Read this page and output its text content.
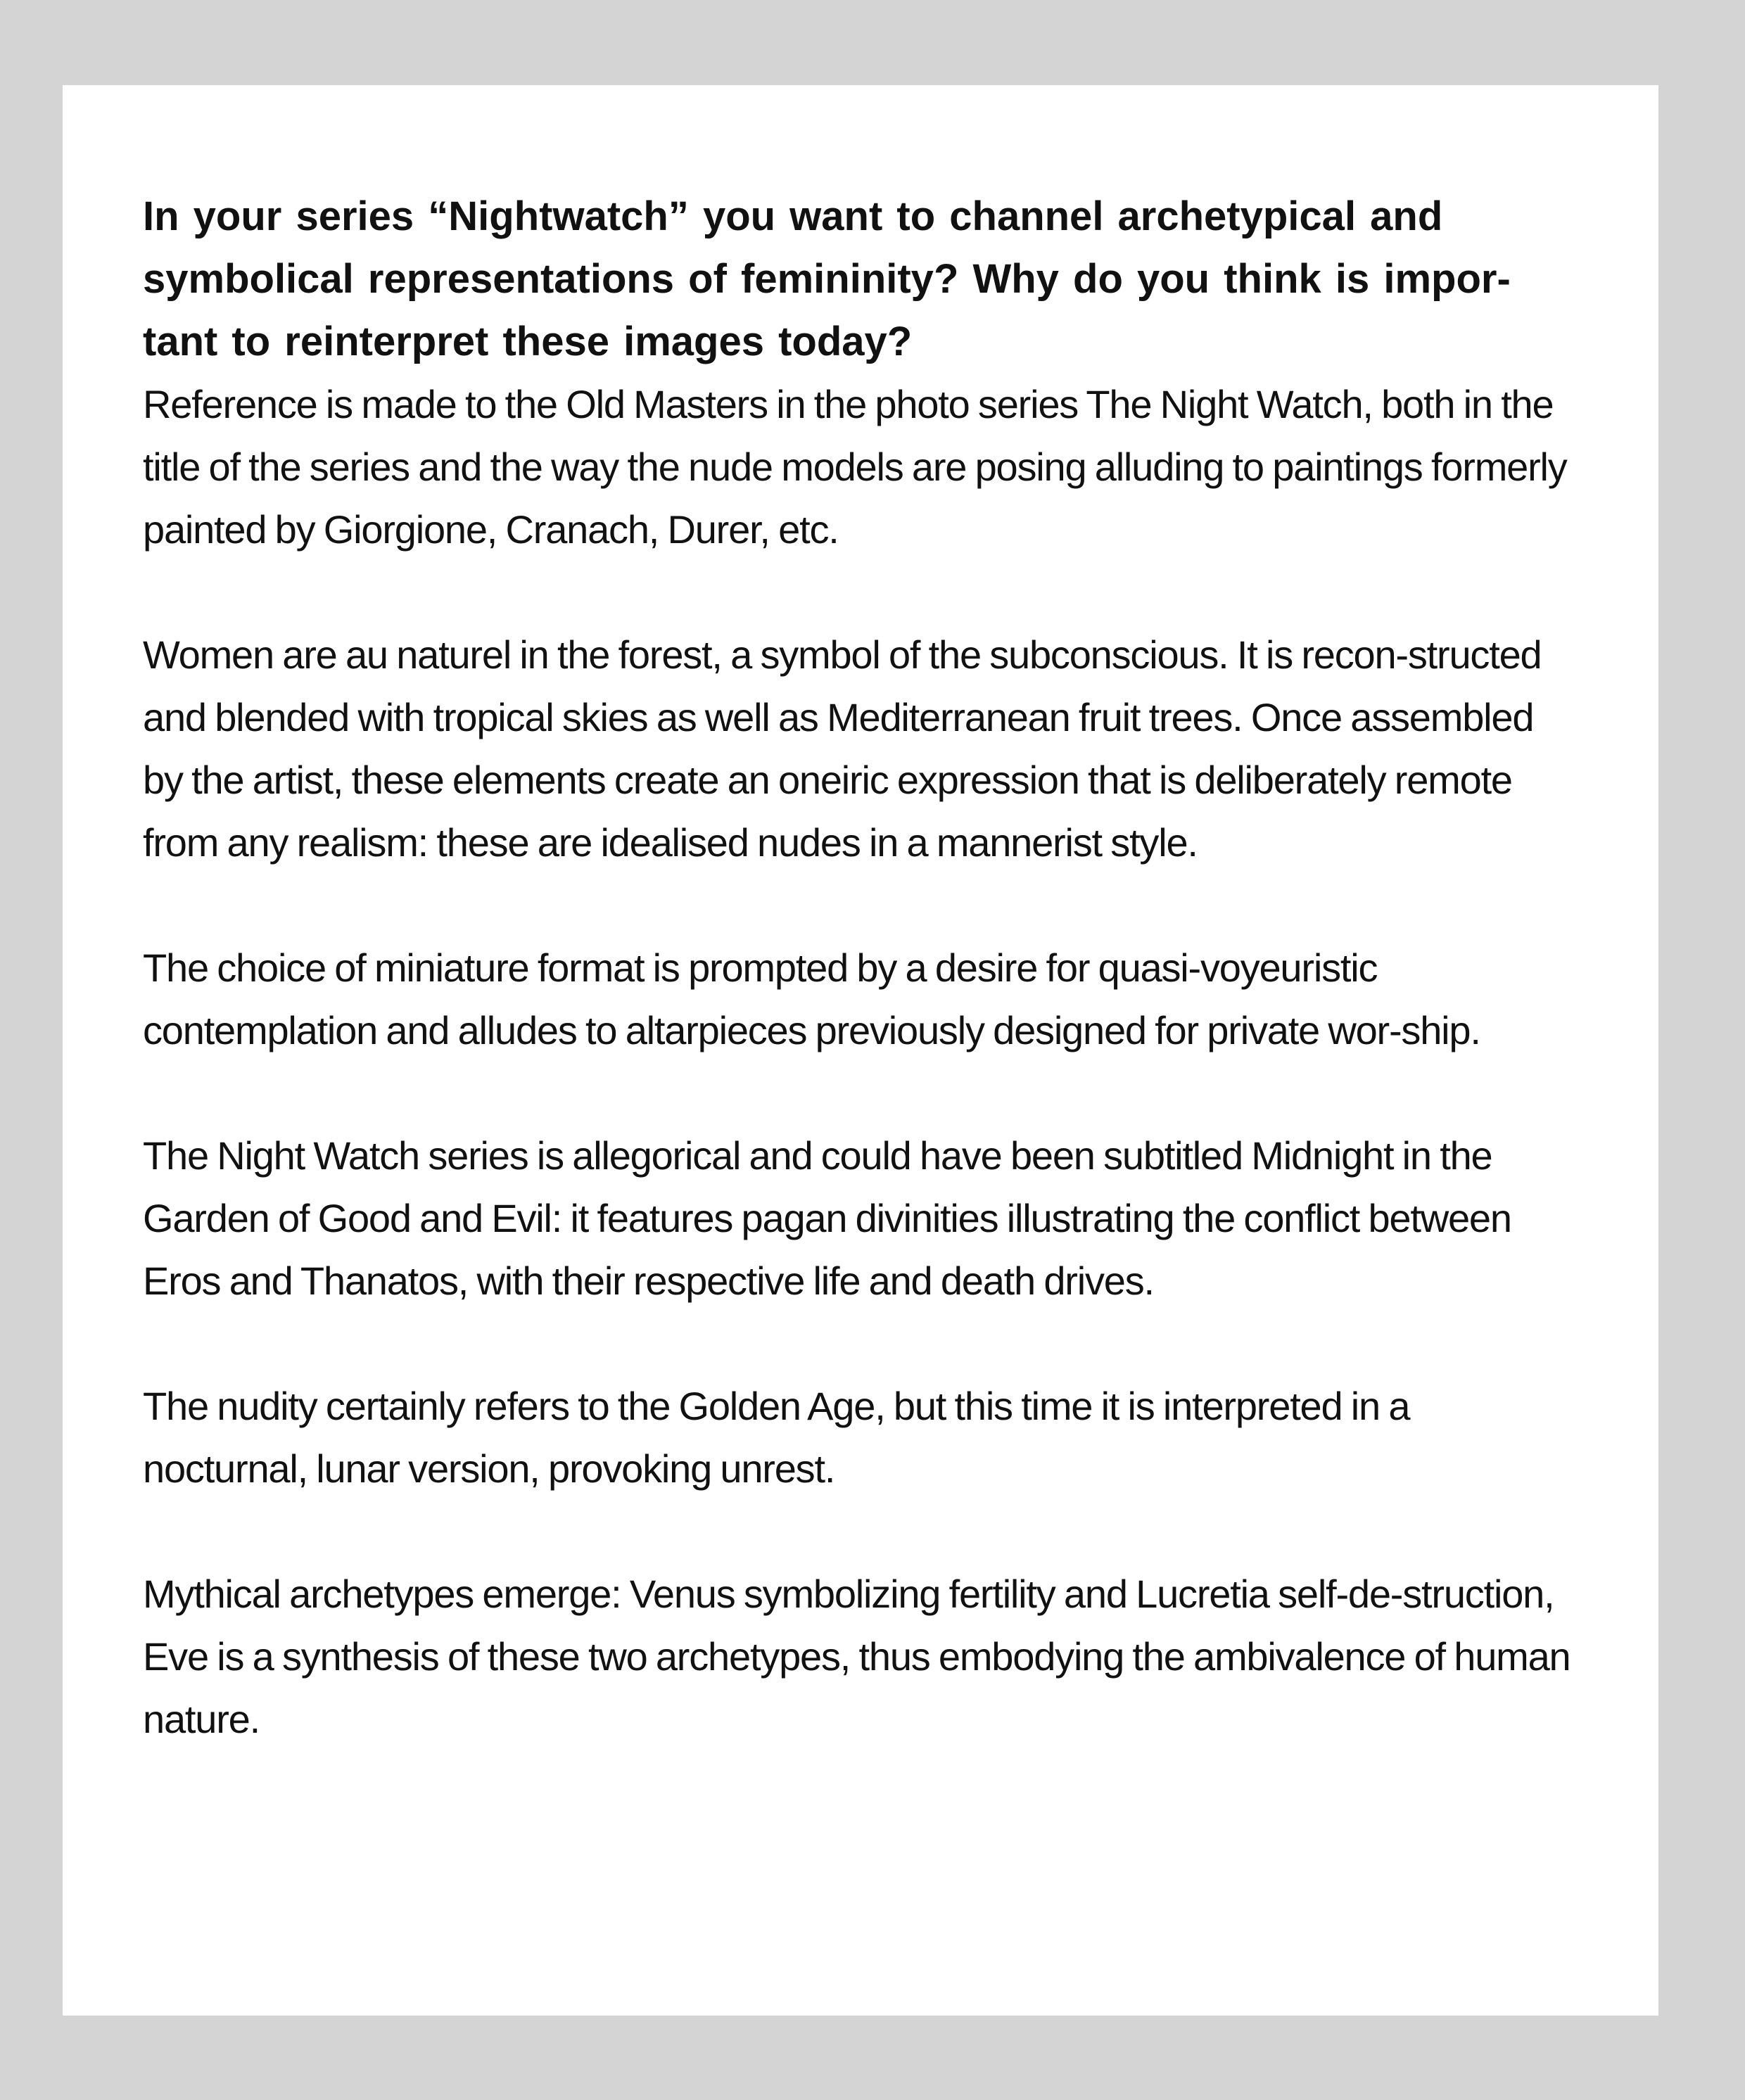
In your series “Nightwatch” you want to channel archetypical and symbolical representations of femininity? Why do you think is impor-tant to reinterpret these images today?

Reference is made to the Old Masters in the photo series The Night Watch, both in the title of the series and the way the nude models are posing alluding to paintings formerly painted by Giorgione, Cranach, Durer, etc.

Women are au naturel in the forest, a symbol of the subconscious. It is recon-structed and blended with tropical skies as well as Mediterranean fruit trees. Once assembled by the artist, these elements create an oneiric expression that is deliberately remote from any realism: these are idealised nudes in a mannerist style.

The choice of miniature format is prompted by a desire for quasi-voyeuristic contemplation and alludes to altarpieces previously designed for private wor-ship.

The Night Watch series is allegorical and could have been subtitled Midnight in the Garden of Good and Evil: it features pagan divinities illustrating the conflict between Eros and Thanatos, with their respective life and death drives.

The nudity certainly refers to the Golden Age, but this time it is interpreted in a nocturnal, lunar version, provoking unrest.

Mythical archetypes emerge: Venus symbolizing fertility and Lucretia self-de-struction, Eve is a synthesis of these two archetypes, thus embodying the ambivalence of human nature.
